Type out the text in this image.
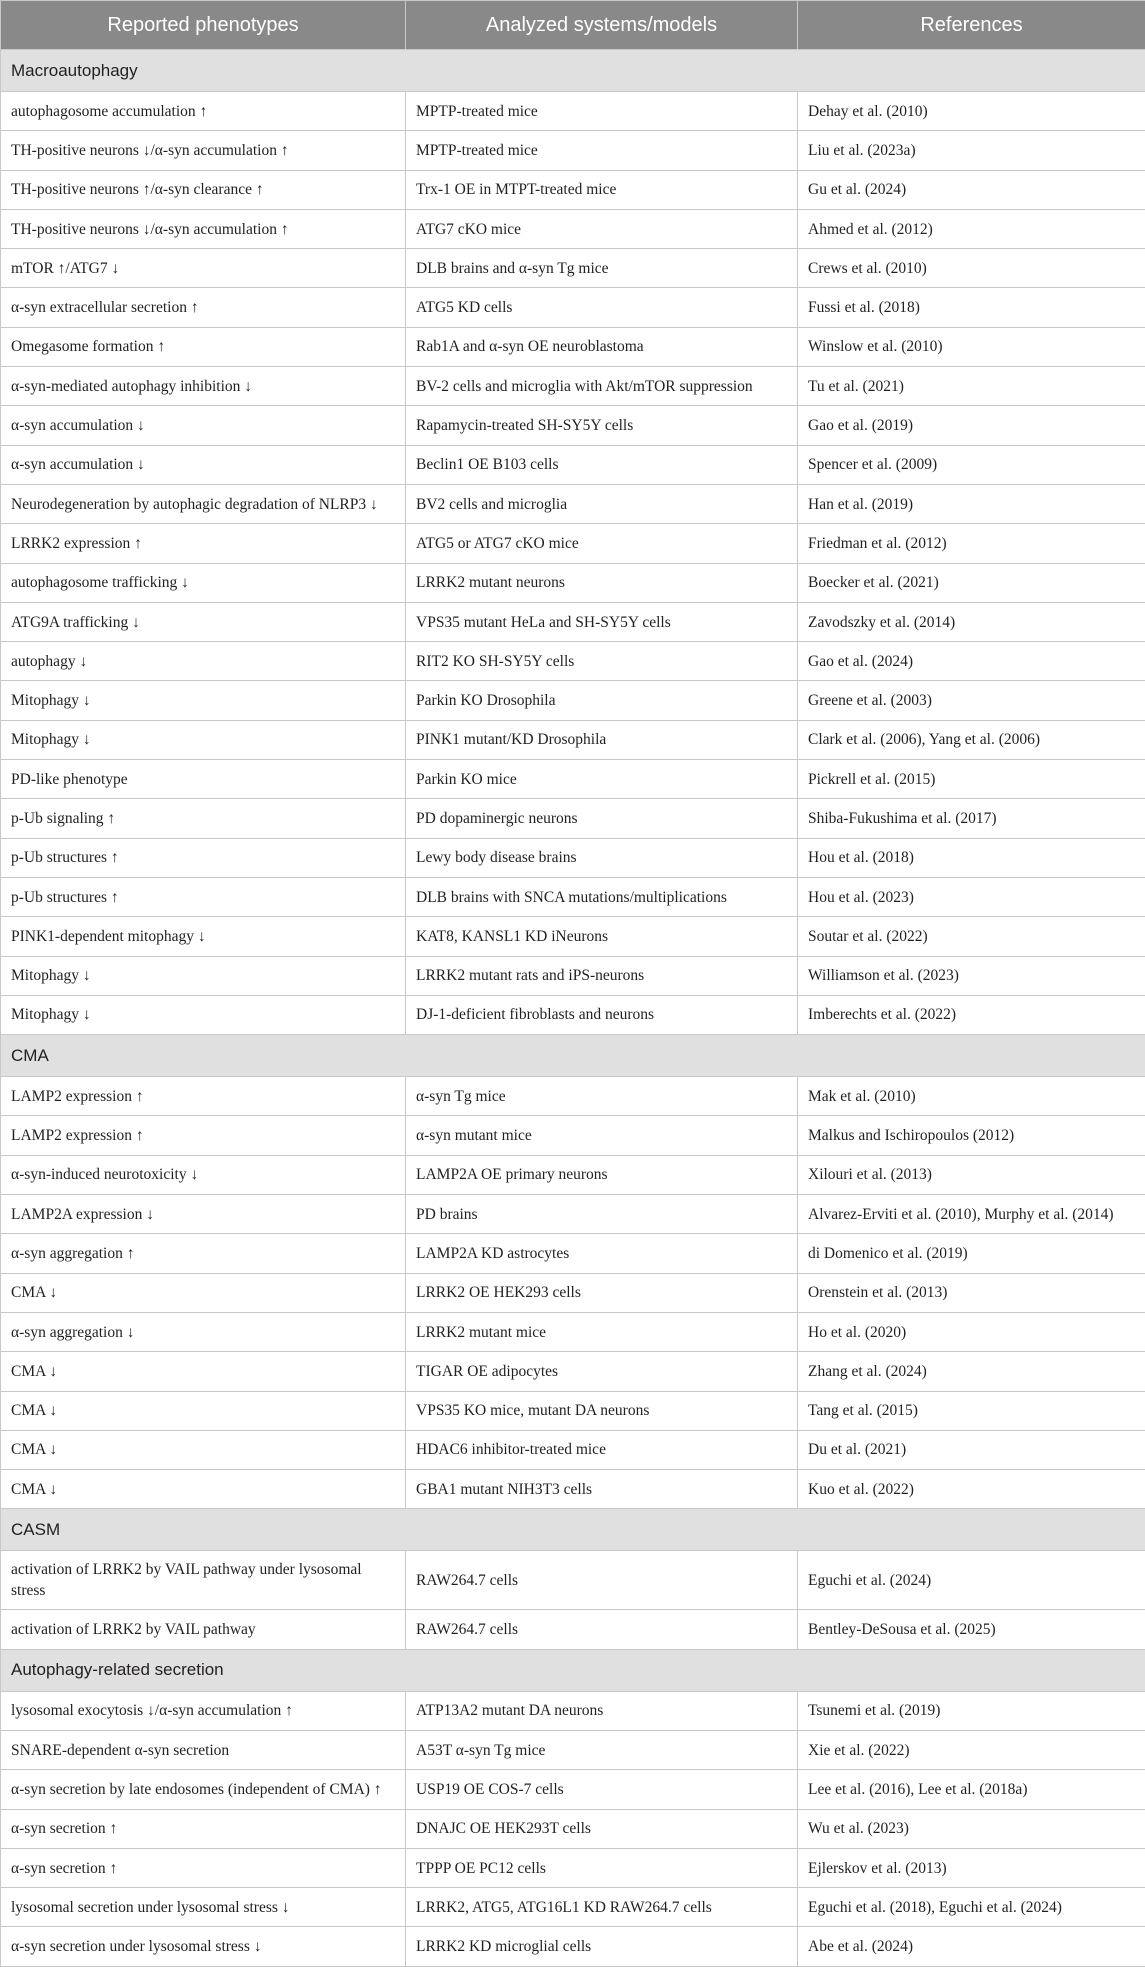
Reported phenotypes	Analyzed systems/models	References
Macroautophagy		
autophagosome accumulation ↑	MPTP-treated mice	Dehay et al. (2010)
TH-positive neurons ↓/α-syn accumulation ↑	MPTP-treated mice	Liu et al. (2023a)
TH-positive neurons ↑/α-syn clearance ↑	Trx-1 OE in MTPT-treated mice	Gu et al. (2024)
TH-positive neurons ↓/α-syn accumulation ↑	ATG7 cKO mice	Ahmed et al. (2012)
mTOR ↑/ATG7 ↓	DLB brains and α-syn Tg mice	Crews et al. (2010)
α-syn extracellular secretion ↑	ATG5 KD cells	Fussi et al. (2018)
Omegasome formation ↑	Rab1A and α-syn OE neuroblastoma	Winslow et al. (2010)
α-syn-mediated autophagy inhibition ↓	BV-2 cells and microglia with Akt/mTOR suppression	Tu et al. (2021)
α-syn accumulation ↓	Rapamycin-treated SH-SY5Y cells	Gao et al. (2019)
α-syn accumulation ↓	Beclin1 OE B103 cells	Spencer et al. (2009)
Neurodegeneration by autophagic degradation of NLRP3 ↓	BV2 cells and microglia	Han et al. (2019)
LRRK2 expression ↑	ATG5 or ATG7 cKO mice	Friedman et al. (2012)
autophagosome trafficking ↓	LRRK2 mutant neurons	Boecker et al. (2021)
ATG9A trafficking ↓	VPS35 mutant HeLa and SH-SY5Y cells	Zavodszky et al. (2014)
autophagy ↓	RIT2 KO SH-SY5Y cells	Gao et al. (2024)
Mitophagy ↓	Parkin KO Drosophila	Greene et al. (2003)
Mitophagy ↓	PINK1 mutant/KD Drosophila	Clark et al. (2006), Yang et al. (2006)
PD-like phenotype	Parkin KO mice	Pickrell et al. (2015)
p-Ub signaling ↑	PD dopaminergic neurons	Shiba-Fukushima et al. (2017)
p-Ub structures ↑	Lewy body disease brains	Hou et al. (2018)
p-Ub structures ↑	DLB brains with SNCA mutations/multiplications	Hou et al. (2023)
PINK1-dependent mitophagy ↓	KAT8, KANSL1 KD iNeurons	Soutar et al. (2022)
Mitophagy ↓	LRRK2 mutant rats and iPS-neurons	Williamson et al. (2023)
Mitophagy ↓	DJ-1-deficient fibroblasts and neurons	Imberechts et al. (2022)
CMA		
LAMP2 expression ↑	α-syn Tg mice	Mak et al. (2010)
LAMP2 expression ↑	α-syn mutant mice	Malkus and Ischiropoulos (2012)
α-syn-induced neurotoxicity ↓	LAMP2A OE primary neurons	Xilouri et al. (2013)
LAMP2A expression ↓	PD brains	Alvarez-Erviti et al. (2010), Murphy et al. (2014)
α-syn aggregation ↑	LAMP2A KD astrocytes	di Domenico et al. (2019)
CMA ↓	LRRK2 OE HEK293 cells	Orenstein et al. (2013)
α-syn aggregation ↓	LRRK2 mutant mice	Ho et al. (2020)
CMA ↓	TIGAR OE adipocytes	Zhang et al. (2024)
CMA ↓	VPS35 KO mice, mutant DA neurons	Tang et al. (2015)
CMA ↓	HDAC6 inhibitor-treated mice	Du et al. (2021)
CMA ↓	GBA1 mutant NIH3T3 cells	Kuo et al. (2022)
CASM		
activation of LRRK2 by VAIL pathway under lysosomal stress	RAW264.7 cells	Eguchi et al. (2024)
activation of LRRK2 by VAIL pathway	RAW264.7 cells	Bentley-DeSousa et al. (2025)
Autophagy-related secretion		
lysosomal exocytosis ↓/α-syn accumulation ↑	ATP13A2 mutant DA neurons	Tsunemi et al. (2019)
SNARE-dependent α-syn secretion	A53T α-syn Tg mice	Xie et al. (2022)
α-syn secretion by late endosomes (independent of CMA) ↑	USP19 OE COS-7 cells	Lee et al. (2016), Lee et al. (2018a)
α-syn secretion ↑	DNAJC OE HEK293T cells	Wu et al. (2023)
α-syn secretion ↑	TPPP OE PC12 cells	Ejlerskov et al. (2013)
lysosomal secretion under lysosomal stress ↓	LRRK2, ATG5, ATG16L1 KD RAW264.7 cells	Eguchi et al. (2018), Eguchi et al. (2024)
α-syn secretion under lysosomal stress ↓	LRRK2 KD microglial cells	Abe et al. (2024)
